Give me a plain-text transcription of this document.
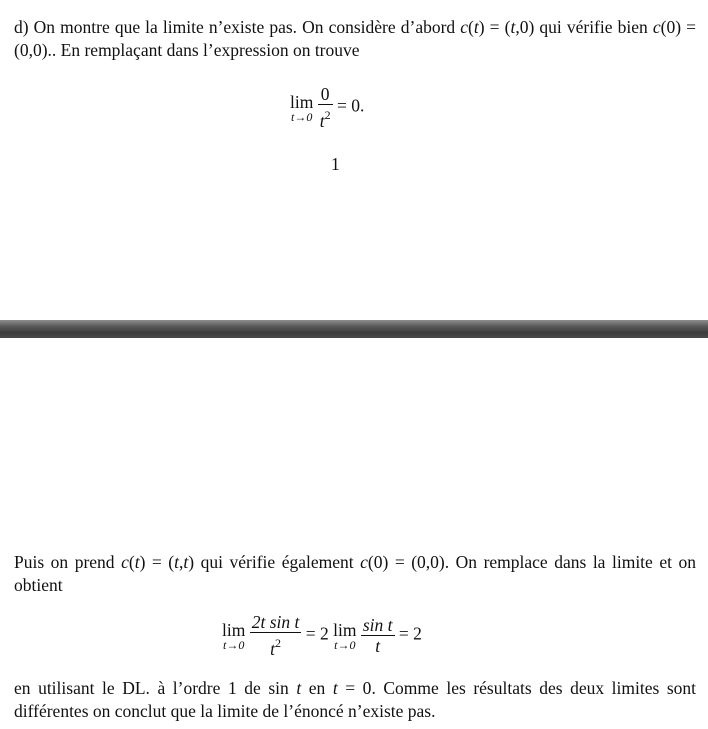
d) On montre que la limite n’existe pas. On considère d’abord c(t) = (t,0) qui vérifie bien c(0) = (0,0).. En remplaçant dans l’expression on trouve
lim
t→0
$\frac{0}{t^2} = 0$.
1
Puis on prend c(t) = (t,t) qui vérifie également c(0) = (0,0). On remplace dans la limite et on obtient
lim
t→0
$\frac{\text{2t sin t}}{t^2} = 2$ lim
t→0
$\frac{\text{sin t}}{t} = 2$
en utilisant le DL. à l’ordre 1 de sin t en t = 0. Comme les résultats des deux limites sont différentes on conclut que la limite de l’énoncé n’existe pas.
